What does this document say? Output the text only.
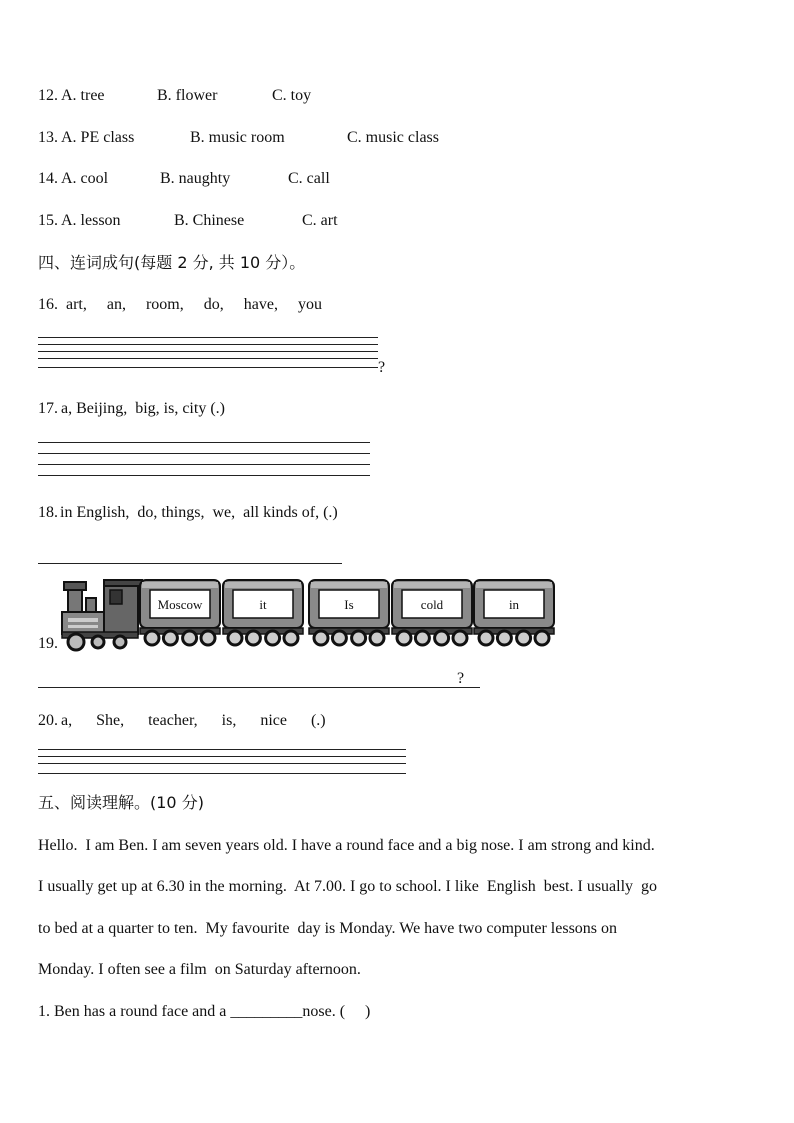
12. A. tree	B. flower	C. toy
13. A. PE class	B. music room	C. music class
14. A. cool	B. naughty	C. call
15. A. lesson	B. Chinese	C. art
四、连词成句(每题 2 分, 共 10 分）。
16. art,     an,     room,     do,     have,     you
?
17. a, Beijing,  big, is, city (.)
18. in English,  do, things,  we,  all kinds of, (.)
19.
Moscow	it	Is	cold	in
?
20. a,      She,      teacher,      is,      nice      (.)
五、阅读理解。(10 分)
Hello.  I am Ben. I am seven years old. I have a round face and a big nose. I am strong and kind.
I usually get up at 6.30 in the morning.  At 7.00. I go to school. I like  English  best. I usually  go
to bed at a quarter to ten.  My favourite  day is Monday. We have two computer lessons on
Monday. I often see a film  on Saturday afternoon.
1. Ben has a round face and a _________nose. (     )
